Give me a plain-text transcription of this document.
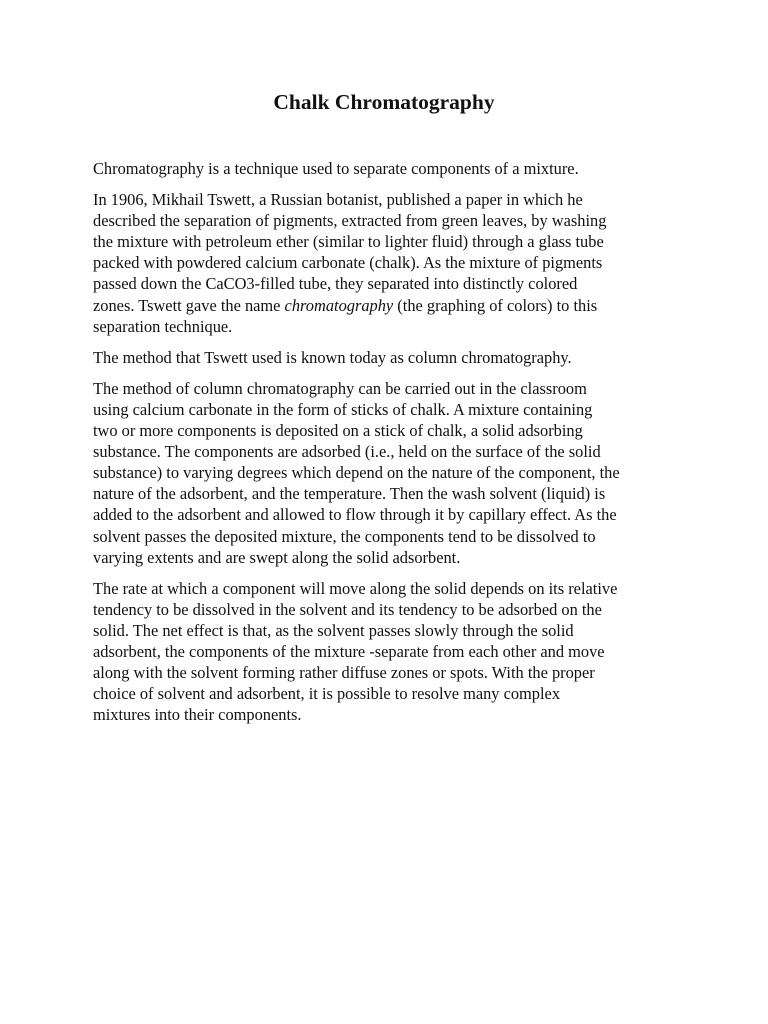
Chalk Chromatography

Chromatography is a technique used to separate components of a mixture.

In 1906, Mikhail Tswett, a Russian botanist, published a paper in which he
described the separation of pigments, extracted from green leaves, by washing
the mixture with petroleum ether (similar to lighter fluid) through a glass tube
packed with powdered calcium carbonate (chalk). As the mixture of pigments
passed down the CaCO3-filled tube, they separated into distinctly colored
zones. Tswett gave the name chromatography (the graphing of colors) to this
separation technique.

The method that Tswett used is known today as column chromatography.

The method of column chromatography can be carried out in the classroom
using calcium carbonate in the form of sticks of chalk. A mixture containing
two or more components is deposited on a stick of chalk, a solid adsorbing
substance. The components are adsorbed (i.e., held on the surface of the solid
substance) to varying degrees which depend on the nature of the component, the
nature of the adsorbent, and the temperature. Then the wash solvent (liquid) is
added to the adsorbent and allowed to flow through it by capillary effect. As the
solvent passes the deposited mixture, the components tend to be dissolved to
varying extents and are swept along the solid adsorbent.

The rate at which a component will move along the solid depends on its relative
tendency to be dissolved in the solvent and its tendency to be adsorbed on the
solid. The net effect is that, as the solvent passes slowly through the solid
adsorbent, the components of the mixture -separate from each other and move
along with the solvent forming rather diffuse zones or spots. With the proper
choice of solvent and adsorbent, it is possible to resolve many complex
mixtures into their components.
